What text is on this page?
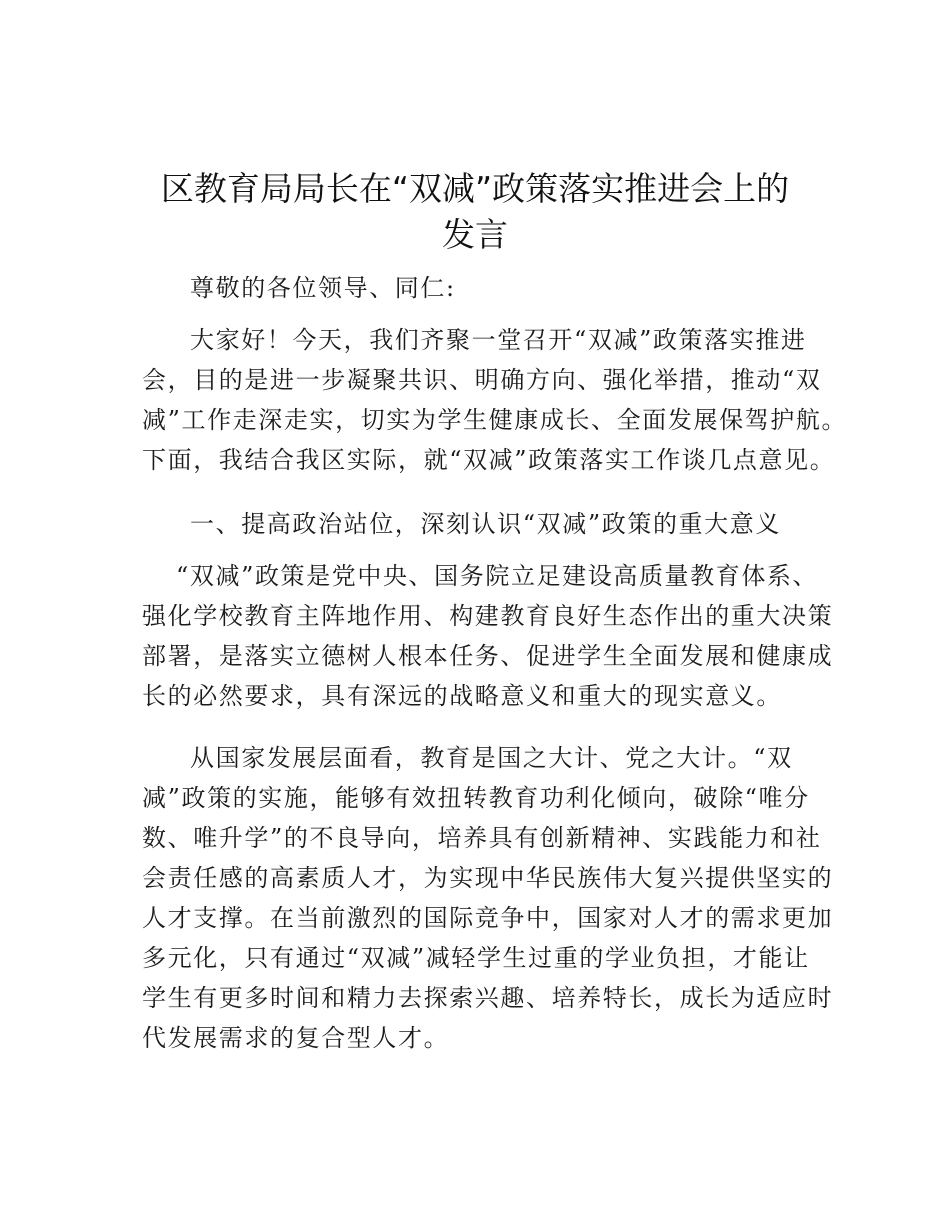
区教育局局长在“双减”政策落实推进会上的
发言

尊敬的各位领导、同仁:

大家好！今天，我们齐聚一堂召开“双减”政策落实推进
会，目的是进一步凝聚共识、明确方向、强化举措，推动“双
减”工作走深走实，切实为学生健康成长、全面发展保驾护航。
下面，我结合我区实际，就“双减”政策落实工作谈几点意见。

一、提高政治站位，深刻认识“双减”政策的重大意义

“双减”政策是党中央、国务院立足建设高质量教育体系、
强化学校教育主阵地作用、构建教育良好生态作出的重大决策
部署，是落实立德树人根本任务、促进学生全面发展和健康成
长的必然要求，具有深远的战略意义和重大的现实意义。

从国家发展层面看，教育是国之大计、党之大计。“双
减”政策的实施，能够有效扭转教育功利化倾向，破除“唯分
数、唯升学”的不良导向，培养具有创新精神、实践能力和社
会责任感的高素质人才，为实现中华民族伟大复兴提供坚实的
人才支撑。在当前激烈的国际竞争中，国家对人才的需求更加
多元化，只有通过“双减”减轻学生过重的学业负担，才能让
学生有更多时间和精力去探索兴趣、培养特长，成长为适应时
代发展需求的复合型人才。
